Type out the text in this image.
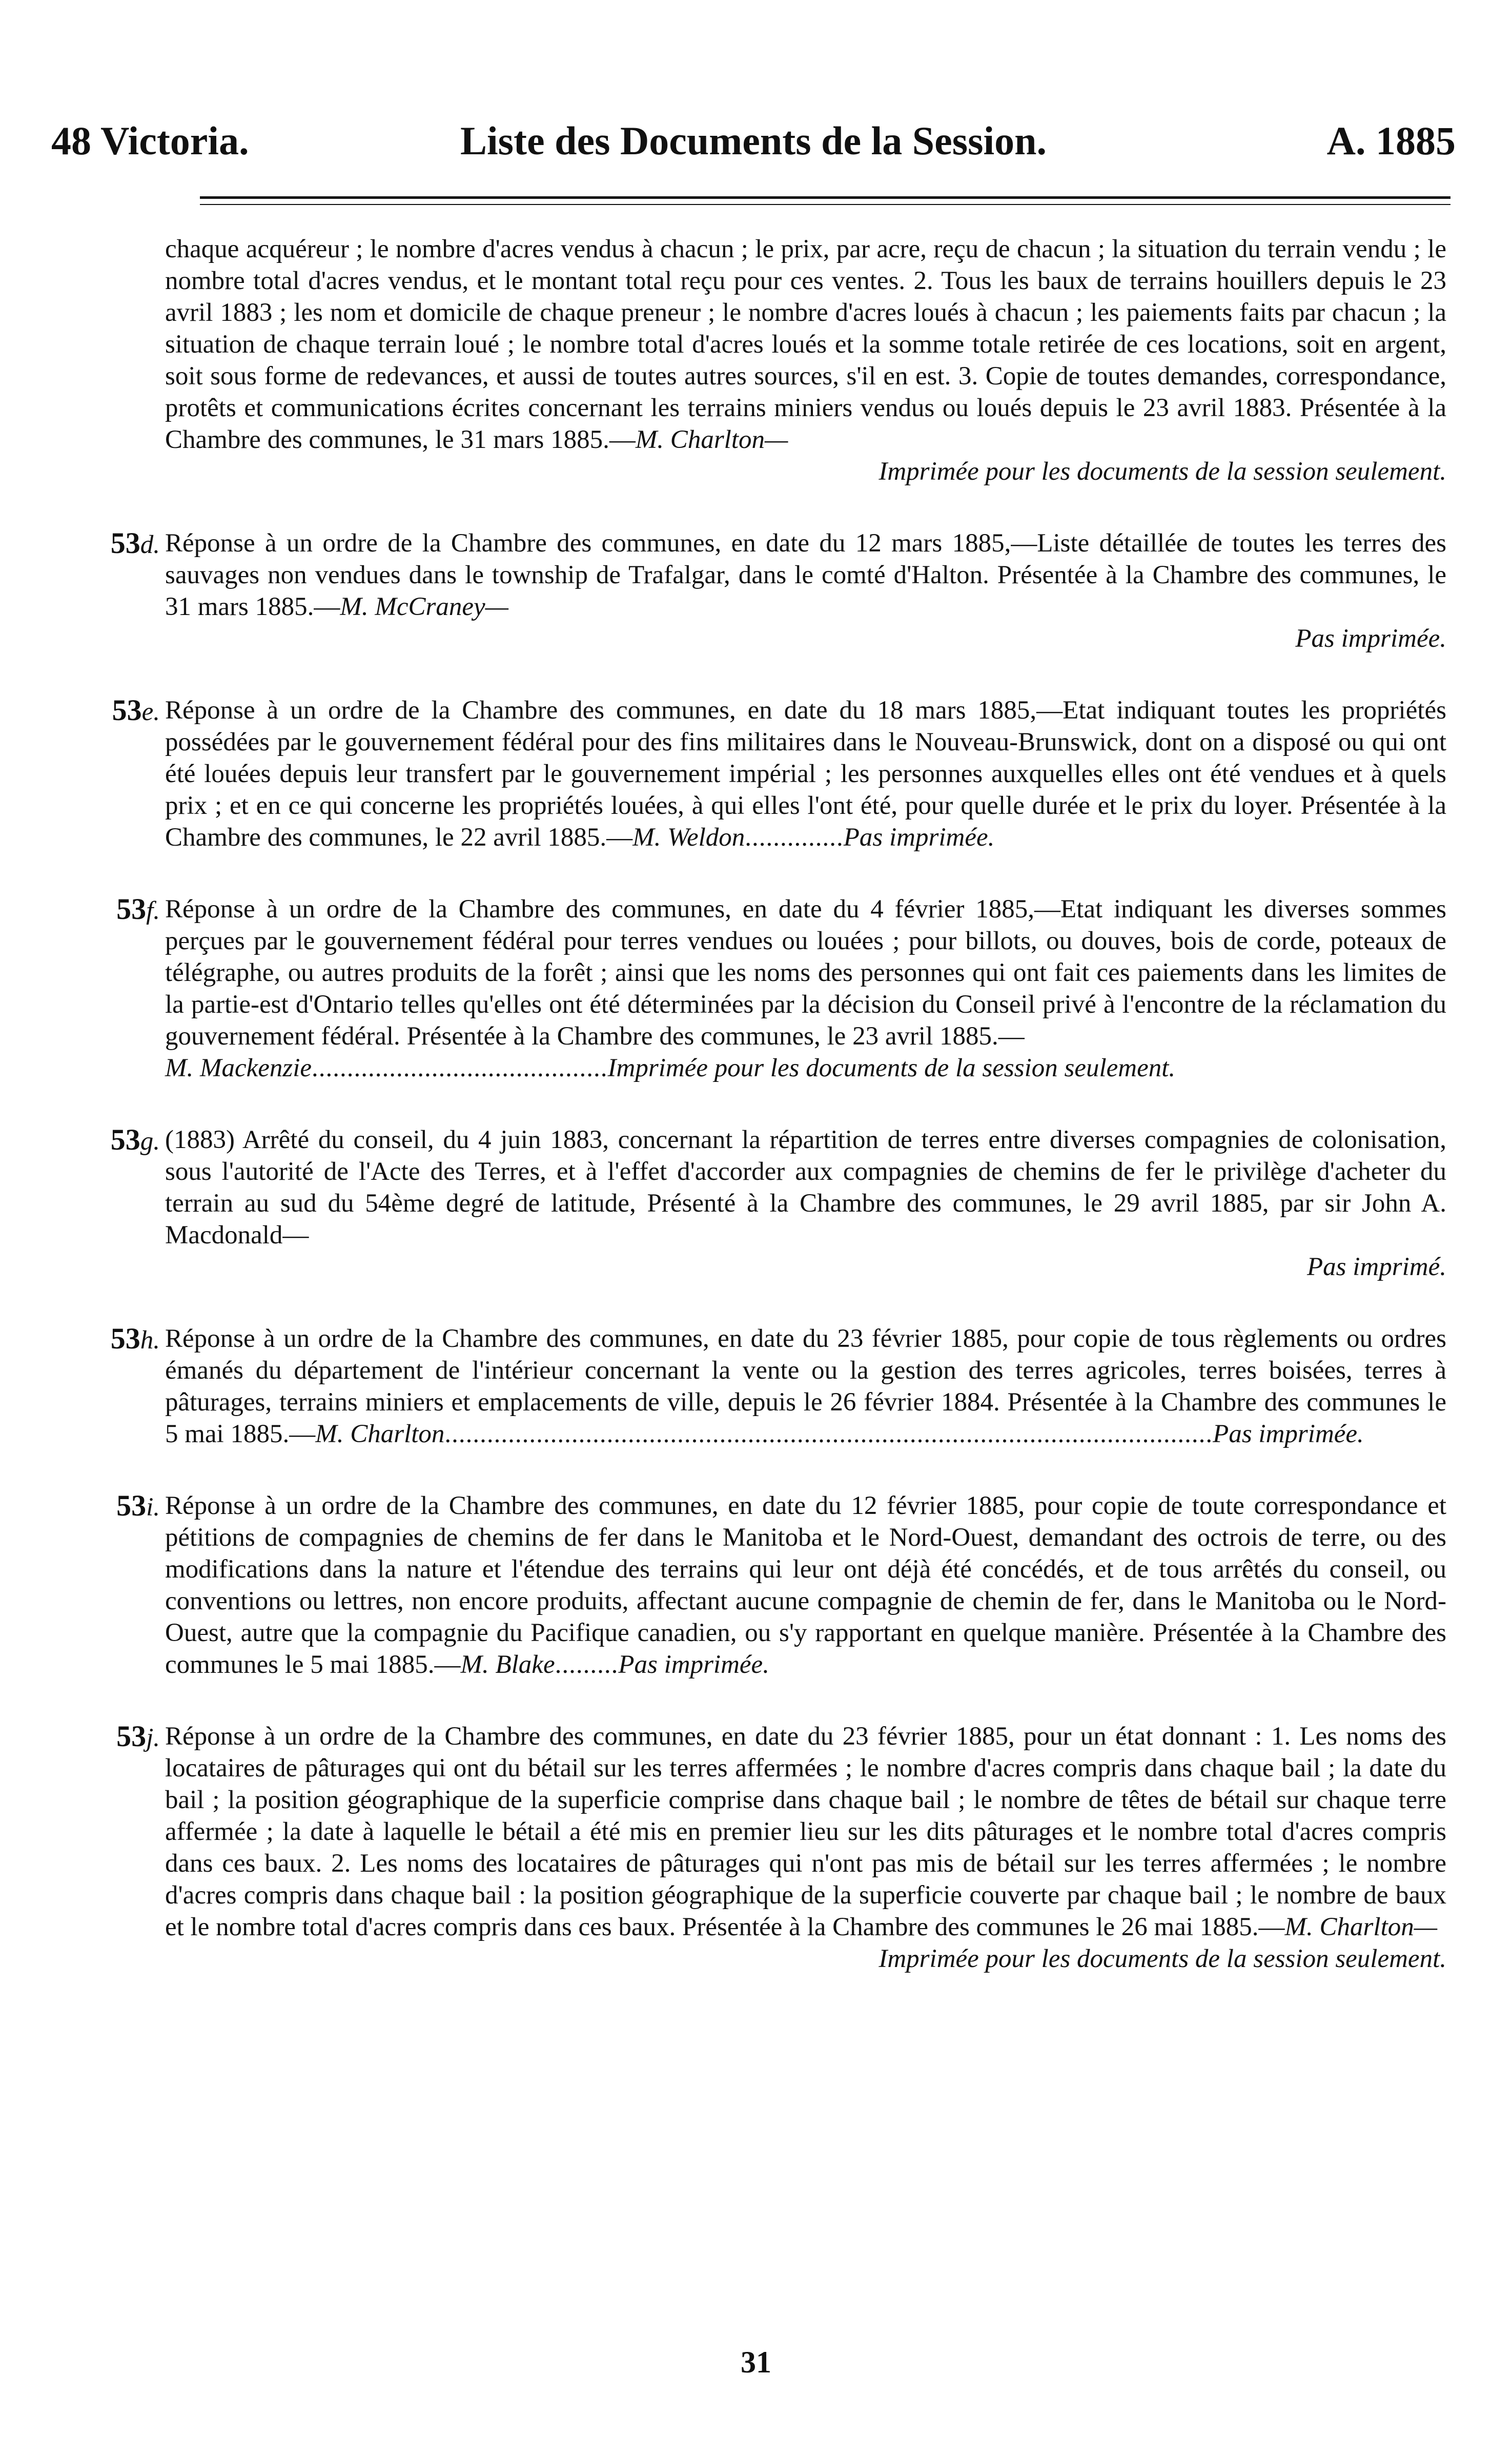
48 Victoria.	Liste des Documents de la Session.	A. 1885
chaque acquéreur ; le nombre d'acres vendus à chacun ; le prix, par acre, reçu de chacun ; la situation du terrain vendu ; le nombre total d'acres vendus, et le montant total reçu pour ces ventes. 2. Tous les baux de terrains houillers depuis le 23 avril 1883 ; les nom et domicile de chaque preneur ; le nombre d'acres loués à chacun ; les paiements faits par chacun ; la situation de chaque terrain loué ; le nombre total d'acres loués et la somme totale retirée de ces locations, soit en argent, soit sous forme de redevances, et aussi de toutes autres sources, s'il en est. 3. Copie de toutes demandes, correspondance, protêts et communications écrites concernant les terrains miniers vendus ou loués depuis le 23 avril 1883. Présentée à la Chambre des communes, le 31 mars 1885.—M. Charlton—
Imprimée pour les documents de la session seulement.
53d. Réponse à un ordre de la Chambre des communes, en date du 12 mars 1885,—Liste détaillée de toutes les terres des sauvages non vendues dans le township de Trafalgar, dans le comté d'Halton. Présentée à la Chambre des communes, le 31 mars 1885.—M. McCraney—
Pas imprimée.
53e. Réponse à un ordre de la Chambre des communes, en date du 18 mars 1885,—Etat indiquant toutes les propriétés possédées par le gouvernement fédéral pour des fins militaires dans le Nouveau-Brunswick, dont on a disposé ou qui ont été louées depuis leur transfert par le gouvernement impérial ; les personnes auxquelles elles ont été vendues et à quels prix ; et en ce qui concerne les propriétés louées, à qui elles l'ont été, pour quelle durée et le prix du loyer. Présentée à la Chambre des communes, le 22 avril 1885.—M. Weldon..............Pas imprimée.
53f. Réponse à un ordre de la Chambre des communes, en date du 4 février 1885,—Etat indiquant les diverses sommes perçues par le gouvernement fédéral pour terres vendues ou louées ; pour billots, ou douves, bois de corde, poteaux de télégraphe, ou autres produits de la forêt ; ainsi que les noms des personnes qui ont fait ces paiements dans les limites de la partie-est d'Ontario telles qu'elles ont été déterminées par la décision du Conseil privé à l'encontre de la réclamation du gouvernement fédéral. Présentée à la Chambre des communes, le 23 avril 1885.—
M. Mackenzie..........................................Imprimée pour les documents de la session seulement.
53g. (1883) Arrêté du conseil, du 4 juin 1883, concernant la répartition de terres entre diverses compagnies de colonisation, sous l'autorité de l'Acte des Terres, et à l'effet d'accorder aux compagnies de chemins de fer le privilège d'acheter du terrain au sud du 54ème degré de latitude, Présenté à la Chambre des communes, le 29 avril 1885, par sir John A. Macdonald—
Pas imprimé.
53h. Réponse à un ordre de la Chambre des communes, en date du 23 février 1885, pour copie de tous règlements ou ordres émanés du département de l'intérieur concernant la vente ou la gestion des terres agricoles, terres boisées, terres à pâturages, terrains miniers et emplacements de ville, depuis le 26 février 1884. Présentée à la Chambre des communes le 5 mai 1885.—M. Charlton.............................................................................................................Pas imprimée.
53i. Réponse à un ordre de la Chambre des communes, en date du 12 février 1885, pour copie de toute correspondance et pétitions de compagnies de chemins de fer dans le Manitoba et le Nord-Ouest, demandant des octrois de terre, ou des modifications dans la nature et l'étendue des terrains qui leur ont déjà été concédés, et de tous arrêtés du conseil, ou conventions ou lettres, non encore produits, affectant aucune compagnie de chemin de fer, dans le Manitoba ou le Nord-Ouest, autre que la compagnie du Pacifique canadien, ou s'y rapportant en quelque manière. Présentée à la Chambre des communes le 5 mai 1885.—M. Blake.........Pas imprimée.
53j. Réponse à un ordre de la Chambre des communes, en date du 23 février 1885, pour un état donnant : 1. Les noms des locataires de pâturages qui ont du bétail sur les terres affermées ; le nombre d'acres compris dans chaque bail ; la date du bail ; la position géographique de la superficie comprise dans chaque bail ; le nombre de têtes de bétail sur chaque terre affermée ; la date à laquelle le bétail a été mis en premier lieu sur les dits pâturages et le nombre total d'acres compris dans ces baux. 2. Les noms des locataires de pâturages qui n'ont pas mis de bétail sur les terres affermées ; le nombre d'acres compris dans chaque bail : la position géographique de la superficie couverte par chaque bail ; le nombre de baux et le nombre total d'acres compris dans ces baux. Présentée à la Chambre des communes le 26 mai 1885.—M. Charlton—
Imprimée pour les documents de la session seulement.
31
